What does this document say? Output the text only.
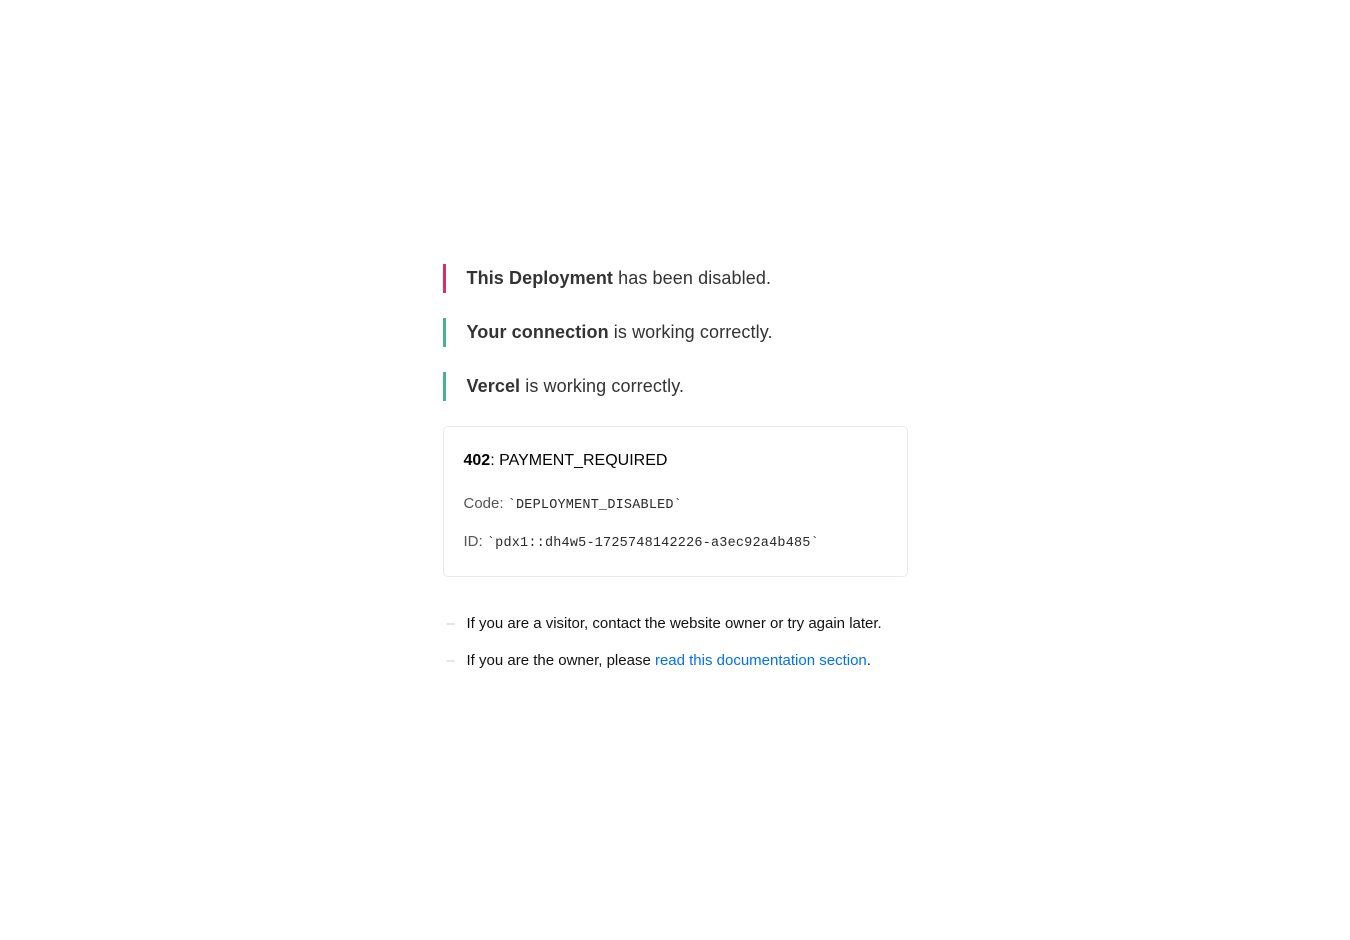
This Deployment has been disabled.
Your connection is working correctly.
Vercel is working correctly.

402: PAYMENT_REQUIRED

Code: `DEPLOYMENT_DISABLED`

ID: `pdx1::dh4w5-1725748142226-a3ec92a4b485`

– If you are a visitor, contact the website owner or try again later.
– If you are the owner, please read this documentation section.
